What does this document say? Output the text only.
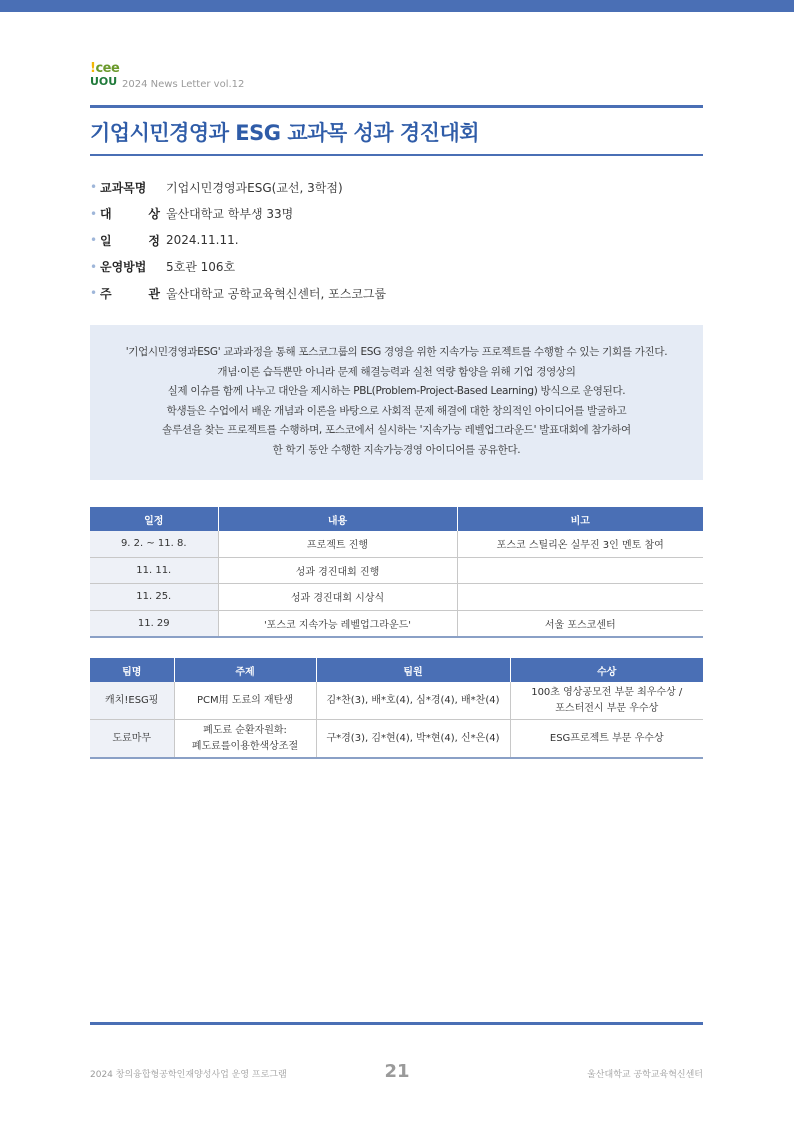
!cee
UOU 2024 News Letter vol.12
기업시민경영과 ESG 교과목 성과 경진대회
• 교과목명	기업시민경영과ESG(교선, 3학점)
• 대	상 울산대학교 학부생 33명
• 일	정 2024.11.11.
• 운영방법	5호관 106호
• 주	관 울산대학교 공학교육혁신센터, 포스코그룹
'기업시민경영과ESG' 교과과정을 통해 포스코그룹의 ESG 경영을 위한 지속가능 프로젝트를 수행할 수 있는 기회를 가진다.
개념·이론 습득뿐만 아니라 문제 해결능력과 실천 역량 함양을 위해 기업 경영상의
실제 이슈를 함께 나누고 대안을 제시하는 PBL(Problem-Project-Based Learning) 방식으로 운영된다.
학생들은 수업에서 배운 개념과 이론을 바탕으로 사회적 문제 해결에 대한 창의적인 아이디어를 발굴하고
솔루션을 찾는 프로젝트를 수행하며, 포스코에서 실시하는 '지속가능 레벨업그라운드' 발표대회에 참가하여
한 학기 동안 수행한 지속가능경영 아이디어를 공유한다.
일정	내용	비고
9. 2. ~ 11. 8.	프로젝트 진행	포스코 스틸리온 실무진 3인 멘토 참여
11. 11.	성과 경진대회 진행	
11. 25.	성과 경진대회 시상식	
11. 29	'포스코 지속가능 레벨업그라운드'	서울 포스코센터
팀명	주제	팀원	수상
캐치!ESG핑	PCM用 도료의 재탄생	김*찬(3), 배*호(4), 심*경(4), 배*찬(4)	100초 영상공모전 부문 최우수상 /
포스터전시 부문 우수상

도료마무	폐도료 순환자원화:
폐도료를이용한색상조절	구*경(3), 김*현(4), 박*현(4), 신*은(4)	ESG프로젝트 부문 우수상
2024 창의융합형공학인재양성사업 운영 프로그램	21	울산대학교 공학교육혁신센터
